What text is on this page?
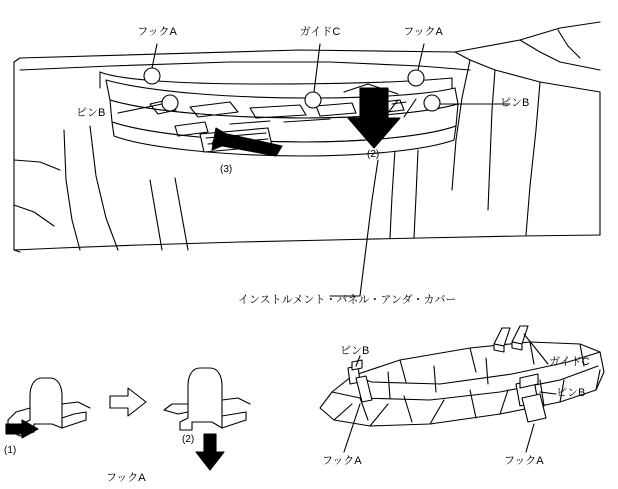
フックA	ガイドC	フックA
ピンB
ピンB
(3)
(2)
インストルメント・パネル・アンダ・カバー
(1)
(2)
フックA
ピンB
ガイドC
ピンB
フックA	フックA
